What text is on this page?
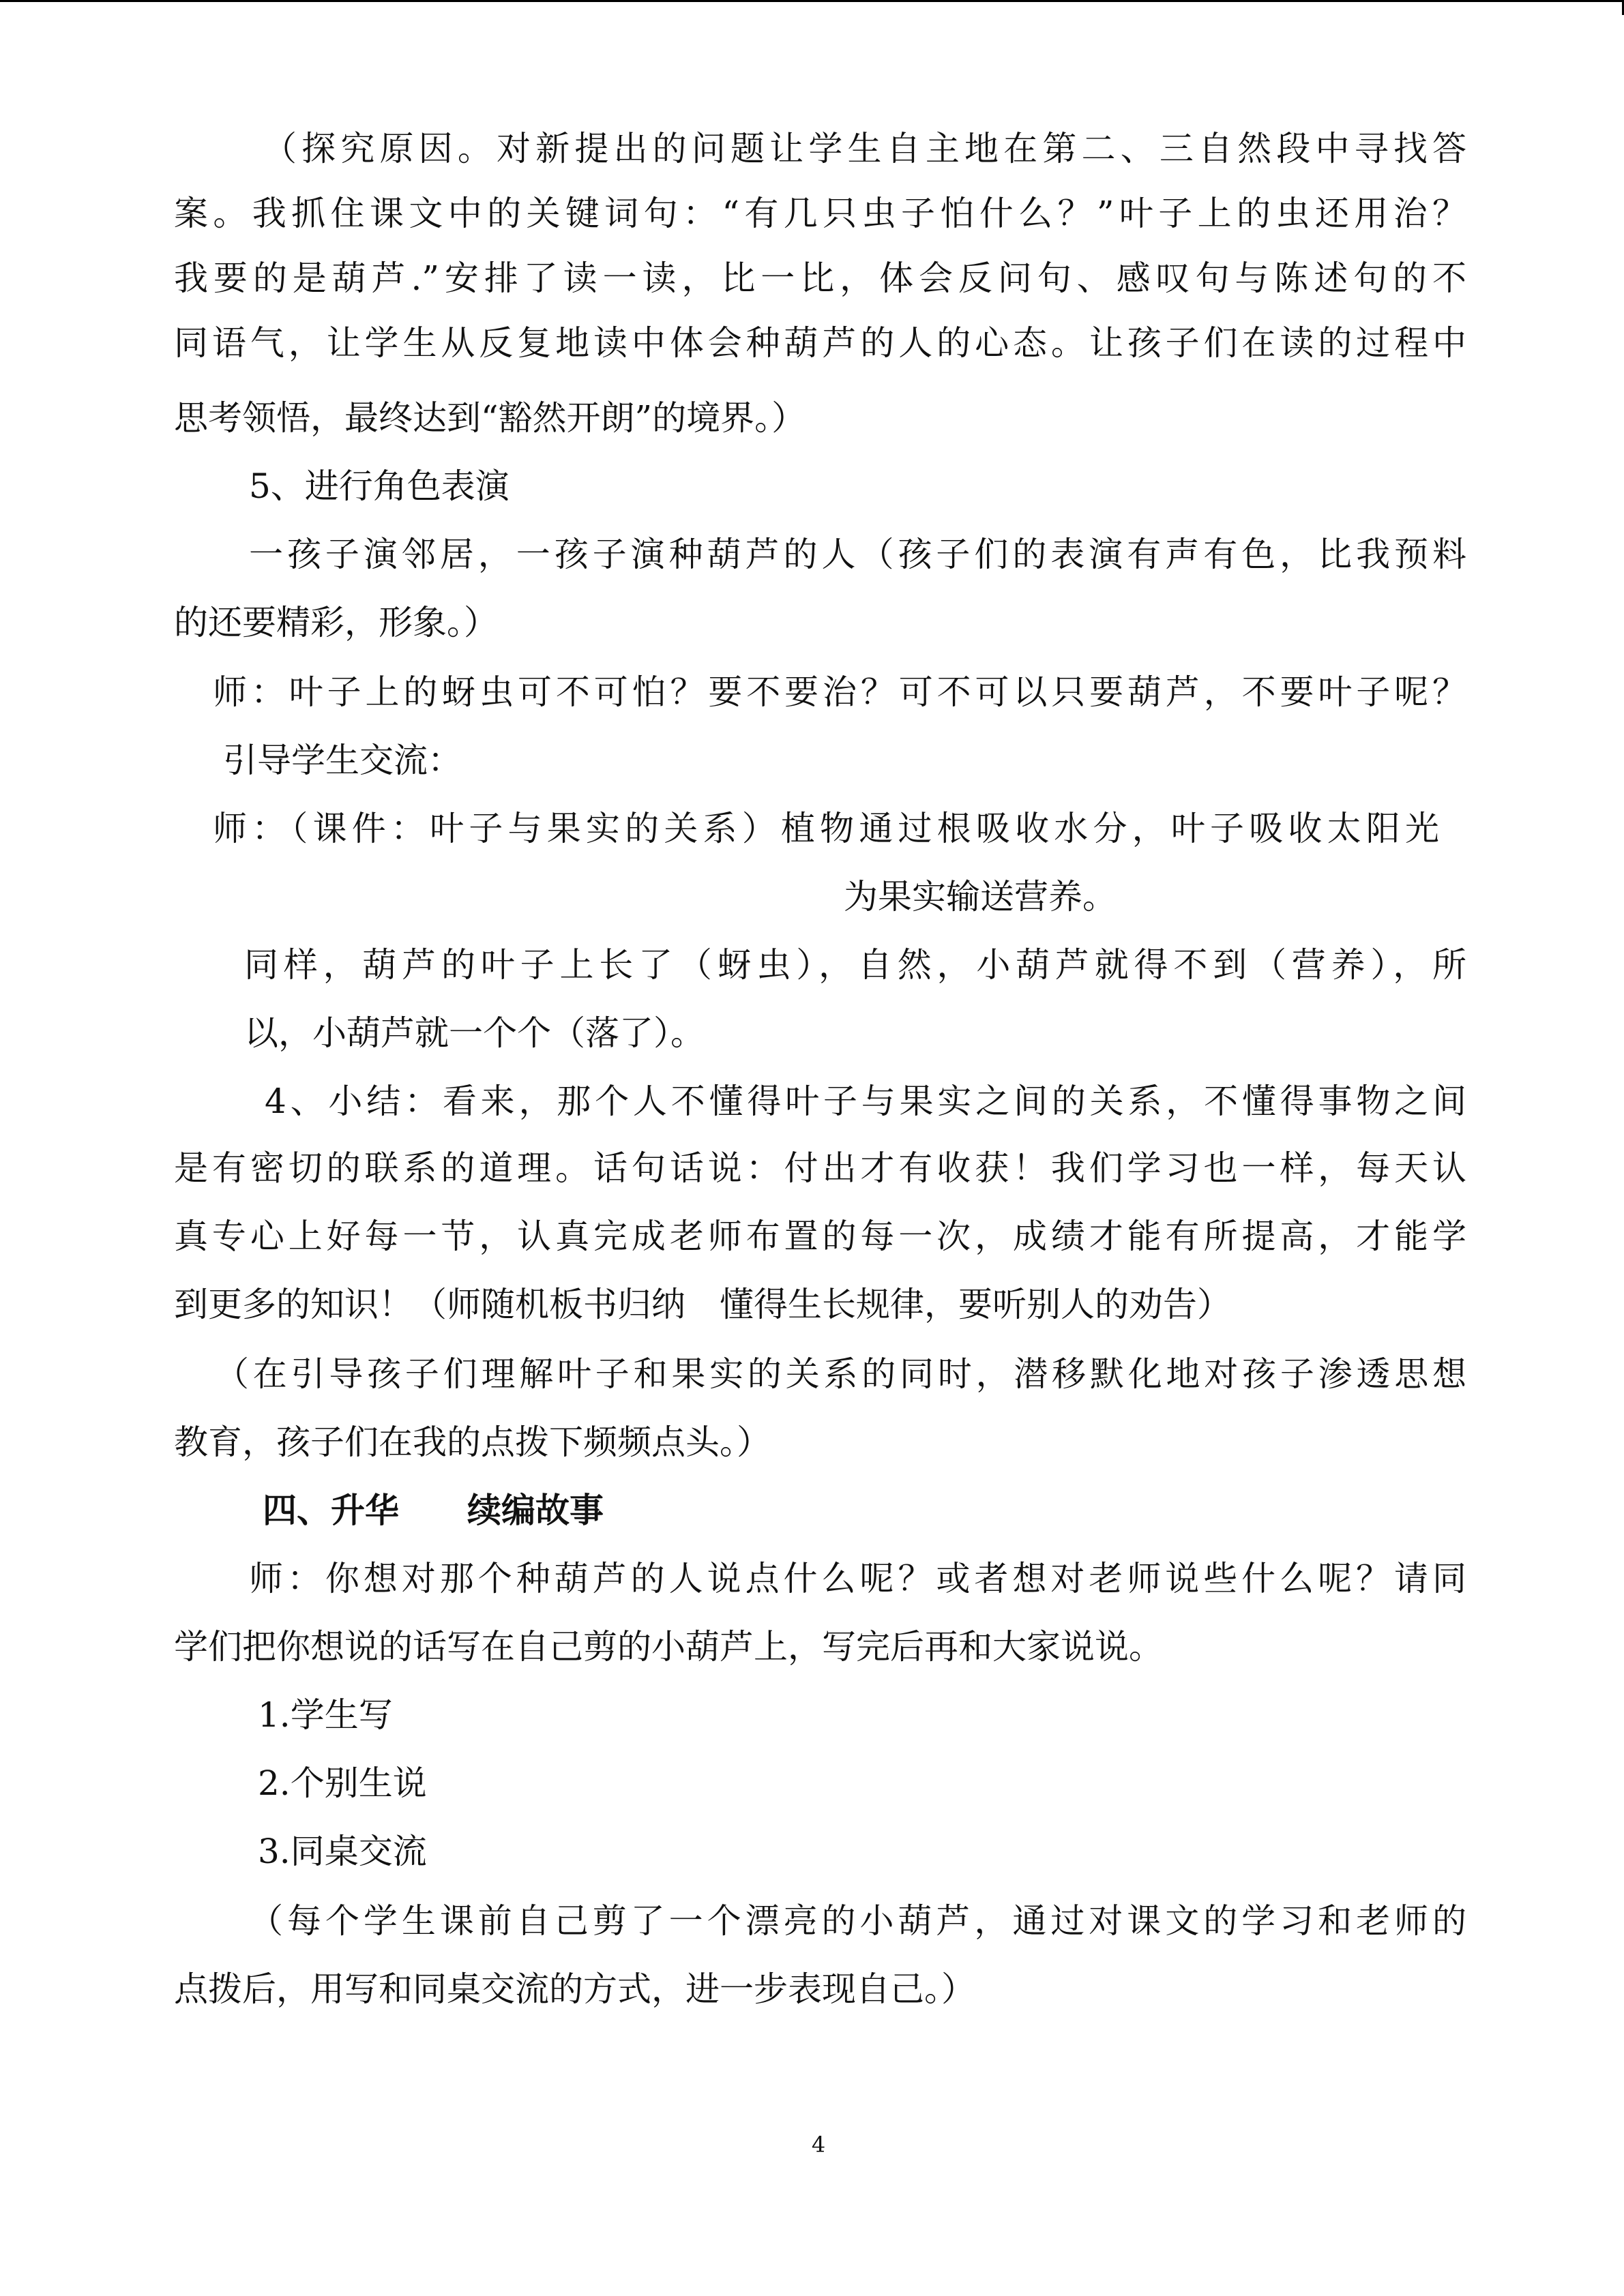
（探究原因。对新提出的问题让学生自主地在第二、三自然段中寻找答

案。我抓住课文中的关键词句：“有几只虫子怕什么？”叶子上的虫还用治？

我要的是葫芦.”安排了读一读，比一比，体会反问句、感叹句与陈述句的不

同语气，让学生从反复地读中体会种葫芦的人的心态。让孩子们在读的过程中

思考领悟，最终达到“豁然开朗”的境界。）

5、进行角色表演

一孩子演邻居，一孩子演种葫芦的人（孩子们的表演有声有色，比我预料

的还要精彩，形象。）

师：叶子上的蚜虫可不可怕？要不要治？可不可以只要葫芦，不要叶子呢？

引导学生交流：

师：（课件：叶子与果实的关系）植物通过根吸收水分，叶子吸收太阳光

为果实输送营养。

同样，葫芦的叶子上长了（蚜虫），自然，小葫芦就得不到（营养），所

以，小葫芦就一个个（落了）。

4、小结：看来，那个人不懂得叶子与果实之间的关系，不懂得事物之间

是有密切的联系的道理。话句话说：付出才有收获！我们学习也一样，每天认

真专心上好每一节，认真完成老师布置的每一次，成绩才能有所提高，才能学

到更多的知识！（师随机板书归纳　懂得生长规律，要听别人的劝告）

（在引导孩子们理解叶子和果实的关系的同时，潜移默化地对孩子渗透思想

教育，孩子们在我的点拨下频频点头。）

四、升华　　续编故事

师：你想对那个种葫芦的人说点什么呢？或者想对老师说些什么呢？请同

学们把你想说的话写在自己剪的小葫芦上，写完后再和大家说说。

1.学生写

2.个别生说

3.同桌交流

（每个学生课前自己剪了一个漂亮的小葫芦，通过对课文的学习和老师的

点拨后，用写和同桌交流的方式，进一步表现自己。）

4
